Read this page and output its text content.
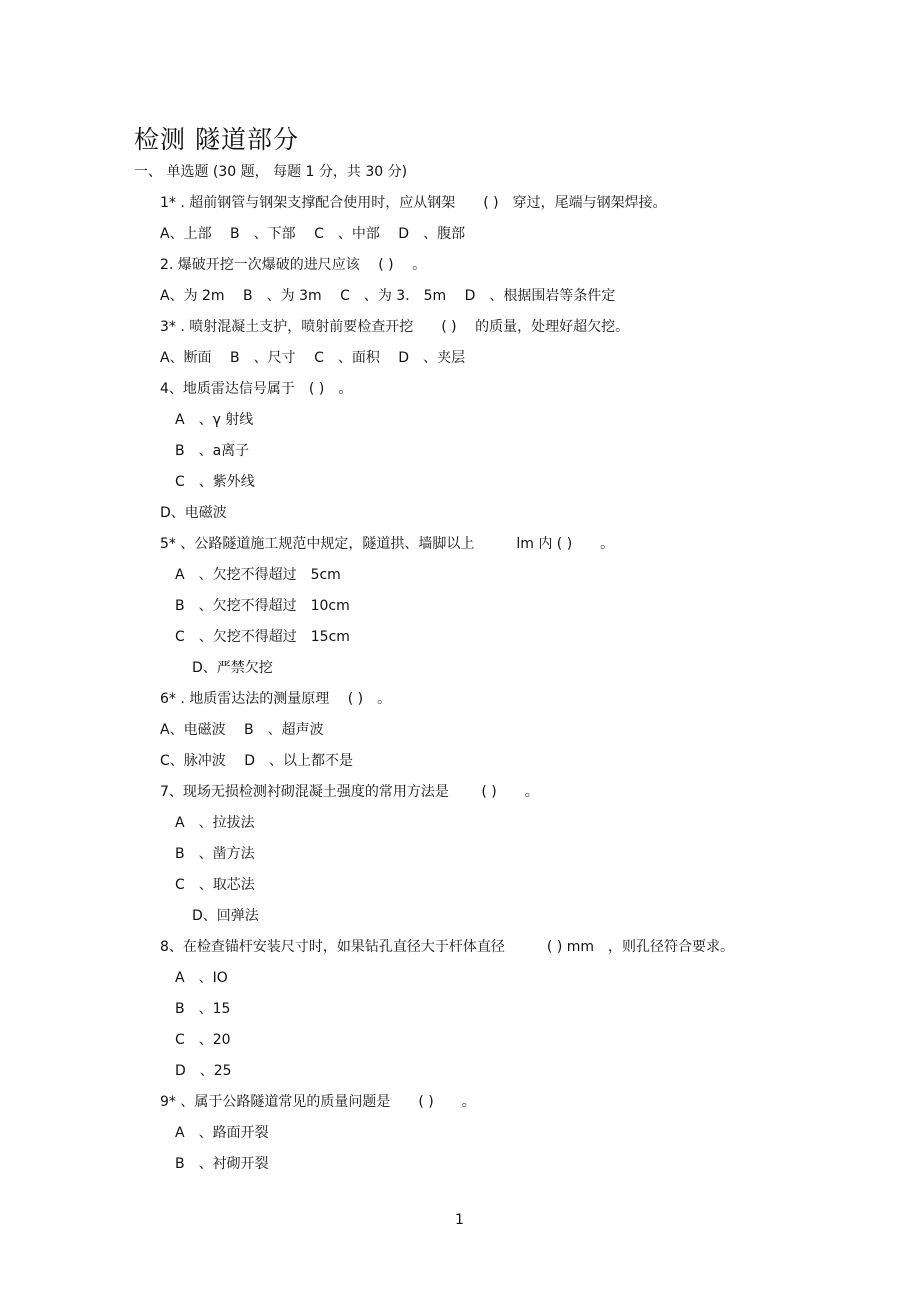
检测 隧道部分
一、 单选题 (30 题， 每题 1 分，共 30 分)
1* . 超前钢管与钢架支撑配合使用时，应从钢架　　( )　穿过，尾端与钢架焊接。
A、上部　 B　、下部　 C　、中部　 D　、腹部
2. 爆破开挖一次爆破的进尺应该　 ( )　 。
A、为 2m　 B　、为 3m　 C　、为 3． 5m　 D　、根据围岩等条件定
3* . 喷射混凝土支护，喷射前要检查开挖　　( )　 的质量，处理好超欠挖。
A、断面　 B　、尺寸　 C　、面积　 D　、夹层
4、地质雷达信号属于　( )　。
A　、γ 射线
B　、a离子
C　、紫外线
D、电磁波
5* 、公路隧道施工规范中规定，隧道拱、墙脚以上　　　lm 内 ( )　　。
A　、欠挖不得超过　5cm
B　、欠挖不得超过　10cm
C　、欠挖不得超过　15cm
D、严禁欠挖
6* . 地质雷达法的测量原理　 ( )　。
A、电磁波　 B　、超声波
C、脉冲波　 D　、以上都不是
7、现场无损检测衬砌混凝土强度的常用方法是　　 ( )　　。
A　、拉拔法
B　、凿方法
C　、取芯法
D、回弹法
8、在检查锚杆安装尺寸时，如果钻孔直径大于杆体直径　　　( ) mm　，则孔径符合要求。
A　、IO
B　、15
C　、20
D　、25
9* 、属于公路隧道常见的质量问题是　　( )　　。
A　、路面开裂
B　、衬砌开裂
1
